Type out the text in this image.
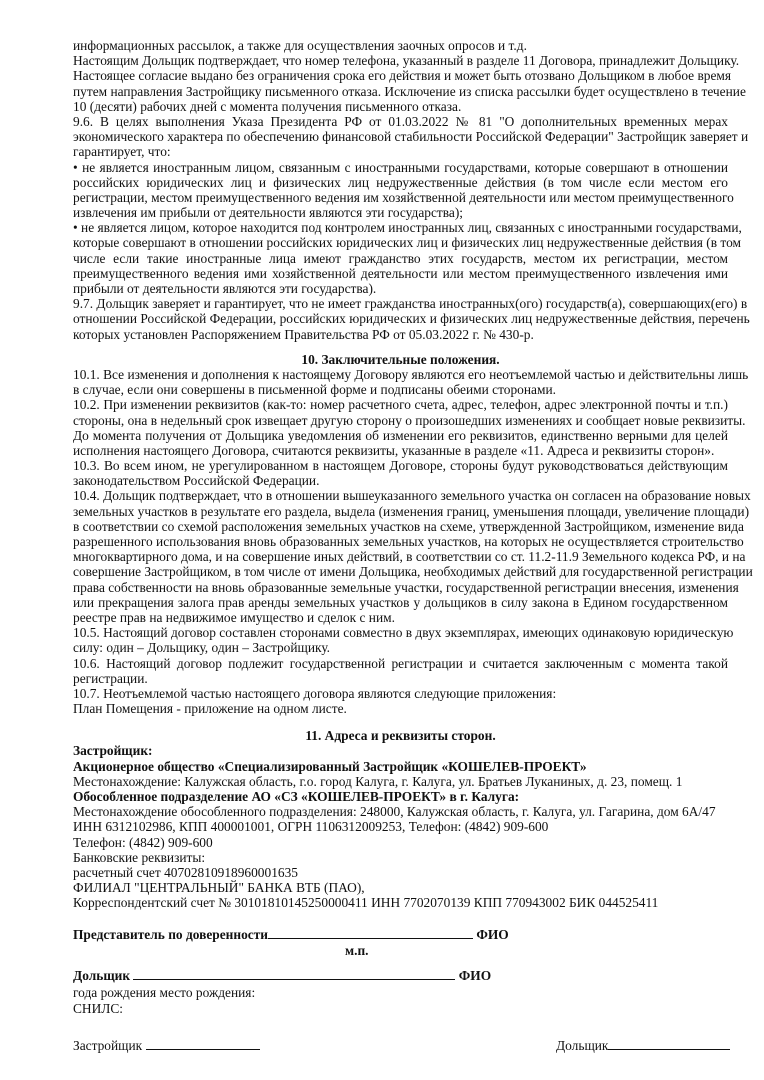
информационных рассылок, а также для осуществления заочных опросов и т.д.
Настоящим Дольщик подтверждает, что номер телефона, указанный в разделе 11 Договора, принадлежит Дольщику.
Настоящее согласие выдано без ограничения срока его действия и может быть отозвано Дольщиком в любое время
путем направления Застройщику письменного отказа. Исключение из списка рассылки будет осуществлено в течение
10 (десяти) рабочих дней с момента получения письменного отказа.
9.6. В целях выполнения Указа Президента РФ от 01.03.2022 № 81 "О дополнительных временных мерах
экономического характера по обеспечению финансовой стабильности Российской Федерации" Застройщик заверяет и
гарантирует, что:
• не является иностранным лицом, связанным с иностранными государствами, которые совершают в отношении
российских юридических лиц и физических лиц недружественные действия (в том числе если местом его
регистрации, местом преимущественного ведения им хозяйственной деятельности или местом преимущественного
извлечения им прибыли от деятельности являются эти государства);
• не является лицом, которое находится под контролем иностранных лиц, связанных с иностранными государствами,
которые совершают в отношении российских юридических лиц и физических лиц недружественные действия (в том
числе если такие иностранные лица имеют гражданство этих государств, местом их регистрации, местом
преимущественного ведения ими хозяйственной деятельности или местом преимущественного извлечения ими
прибыли от деятельности являются эти государства).
9.7. Дольщик заверяет и гарантирует, что не имеет гражданства иностранных(ого) государств(а), совершающих(его) в
отношении Российской Федерации, российских юридических и физических лиц недружественные действия, перечень
которых установлен Распоряжением Правительства РФ от 05.03.2022 г. № 430-р.
10. Заключительные положения.
10.1. Все изменения и дополнения к настоящему Договору являются его неотъемлемой частью и действительны лишь
в случае, если они совершены в письменной форме и подписаны обеими сторонами.
10.2. При изменении реквизитов (как-то: номер расчетного счета, адрес, телефон, адрес электронной почты и т.п.)
стороны, она в недельный срок извещает другую сторону о произошедших изменениях и сообщает новые реквизиты.
До момента получения от Дольщика уведомления об изменении его реквизитов, единственно верными для целей
исполнения настоящего Договора, считаются реквизиты, указанные в разделе «11. Адреса и реквизиты сторон».
10.3. Во всем ином, не урегулированном в настоящем Договоре, стороны будут руководствоваться действующим
законодательством Российской Федерации.
10.4. Дольщик подтверждает, что в отношении вышеуказанного земельного участка он согласен на образование новых
земельных участков в результате его раздела, выдела (изменения границ, уменьшения площади, увеличение площади)
в соответствии со схемой расположения земельных участков на схеме, утвержденной Застройщиком, изменение вида
разрешенного использования вновь образованных земельных участков, на которых не осуществляется строительство
многоквартирного дома, и на совершение иных действий, в соответствии со ст. 11.2-11.9 Земельного кодекса РФ, и на
совершение Застройщиком, в том числе от имени Дольщика, необходимых действий для государственной регистрации
права собственности на вновь образованные земельные участки, государственной регистрации внесения, изменения
или прекращения залога прав аренды земельных участков у дольщиков в силу закона в Едином государственном
реестре прав на недвижимое имущество и сделок с ним.
10.5. Настоящий договор составлен сторонами совместно в двух экземплярах, имеющих одинаковую юридическую
силу: один – Дольщику, один – Застройщику.
10.6. Настоящий договор подлежит государственной регистрации и считается заключенным с момента такой
регистрации.
10.7. Неотъемлемой частью настоящего договора являются следующие приложения:
План Помещения - приложение на одном листе.
11. Адреса и реквизиты сторон.
Застройщик:
Акционерное общество «Специализированный Застройщик «КОШЕЛЕВ-ПРОЕКТ»
Местонахождение: Калужская область, г.о. город Калуга, г. Калуга, ул. Братьев Луканиных, д. 23, помещ. 1
Обособленное подразделение АО «СЗ «КОШЕЛЕВ-ПРОЕКТ» в г. Калуга:
Местонахождение обособленного подразделения: 248000, Калужская область, г. Калуга, ул. Гагарина, дом 6А/47
ИНН 6312102986, КПП 400001001, ОГРН 1106312009253, Телефон: (4842) 909-600
Телефон: (4842) 909-600
Банковские реквизиты:
расчетный счет 40702810918960001635
ФИЛИАЛ "ЦЕНТРАЛЬНЫЙ" БАНКА ВТБ (ПАО),
Корреспондентский счет № 30101810145250000411 ИНН 7702070139 КПП 770943002 БИК 044525411
Представитель по доверенности	ФИО
м.п.
Дольщик	ФИО
года рождения место рождения:
СНИЛС:
Застройщик	Дольщик
